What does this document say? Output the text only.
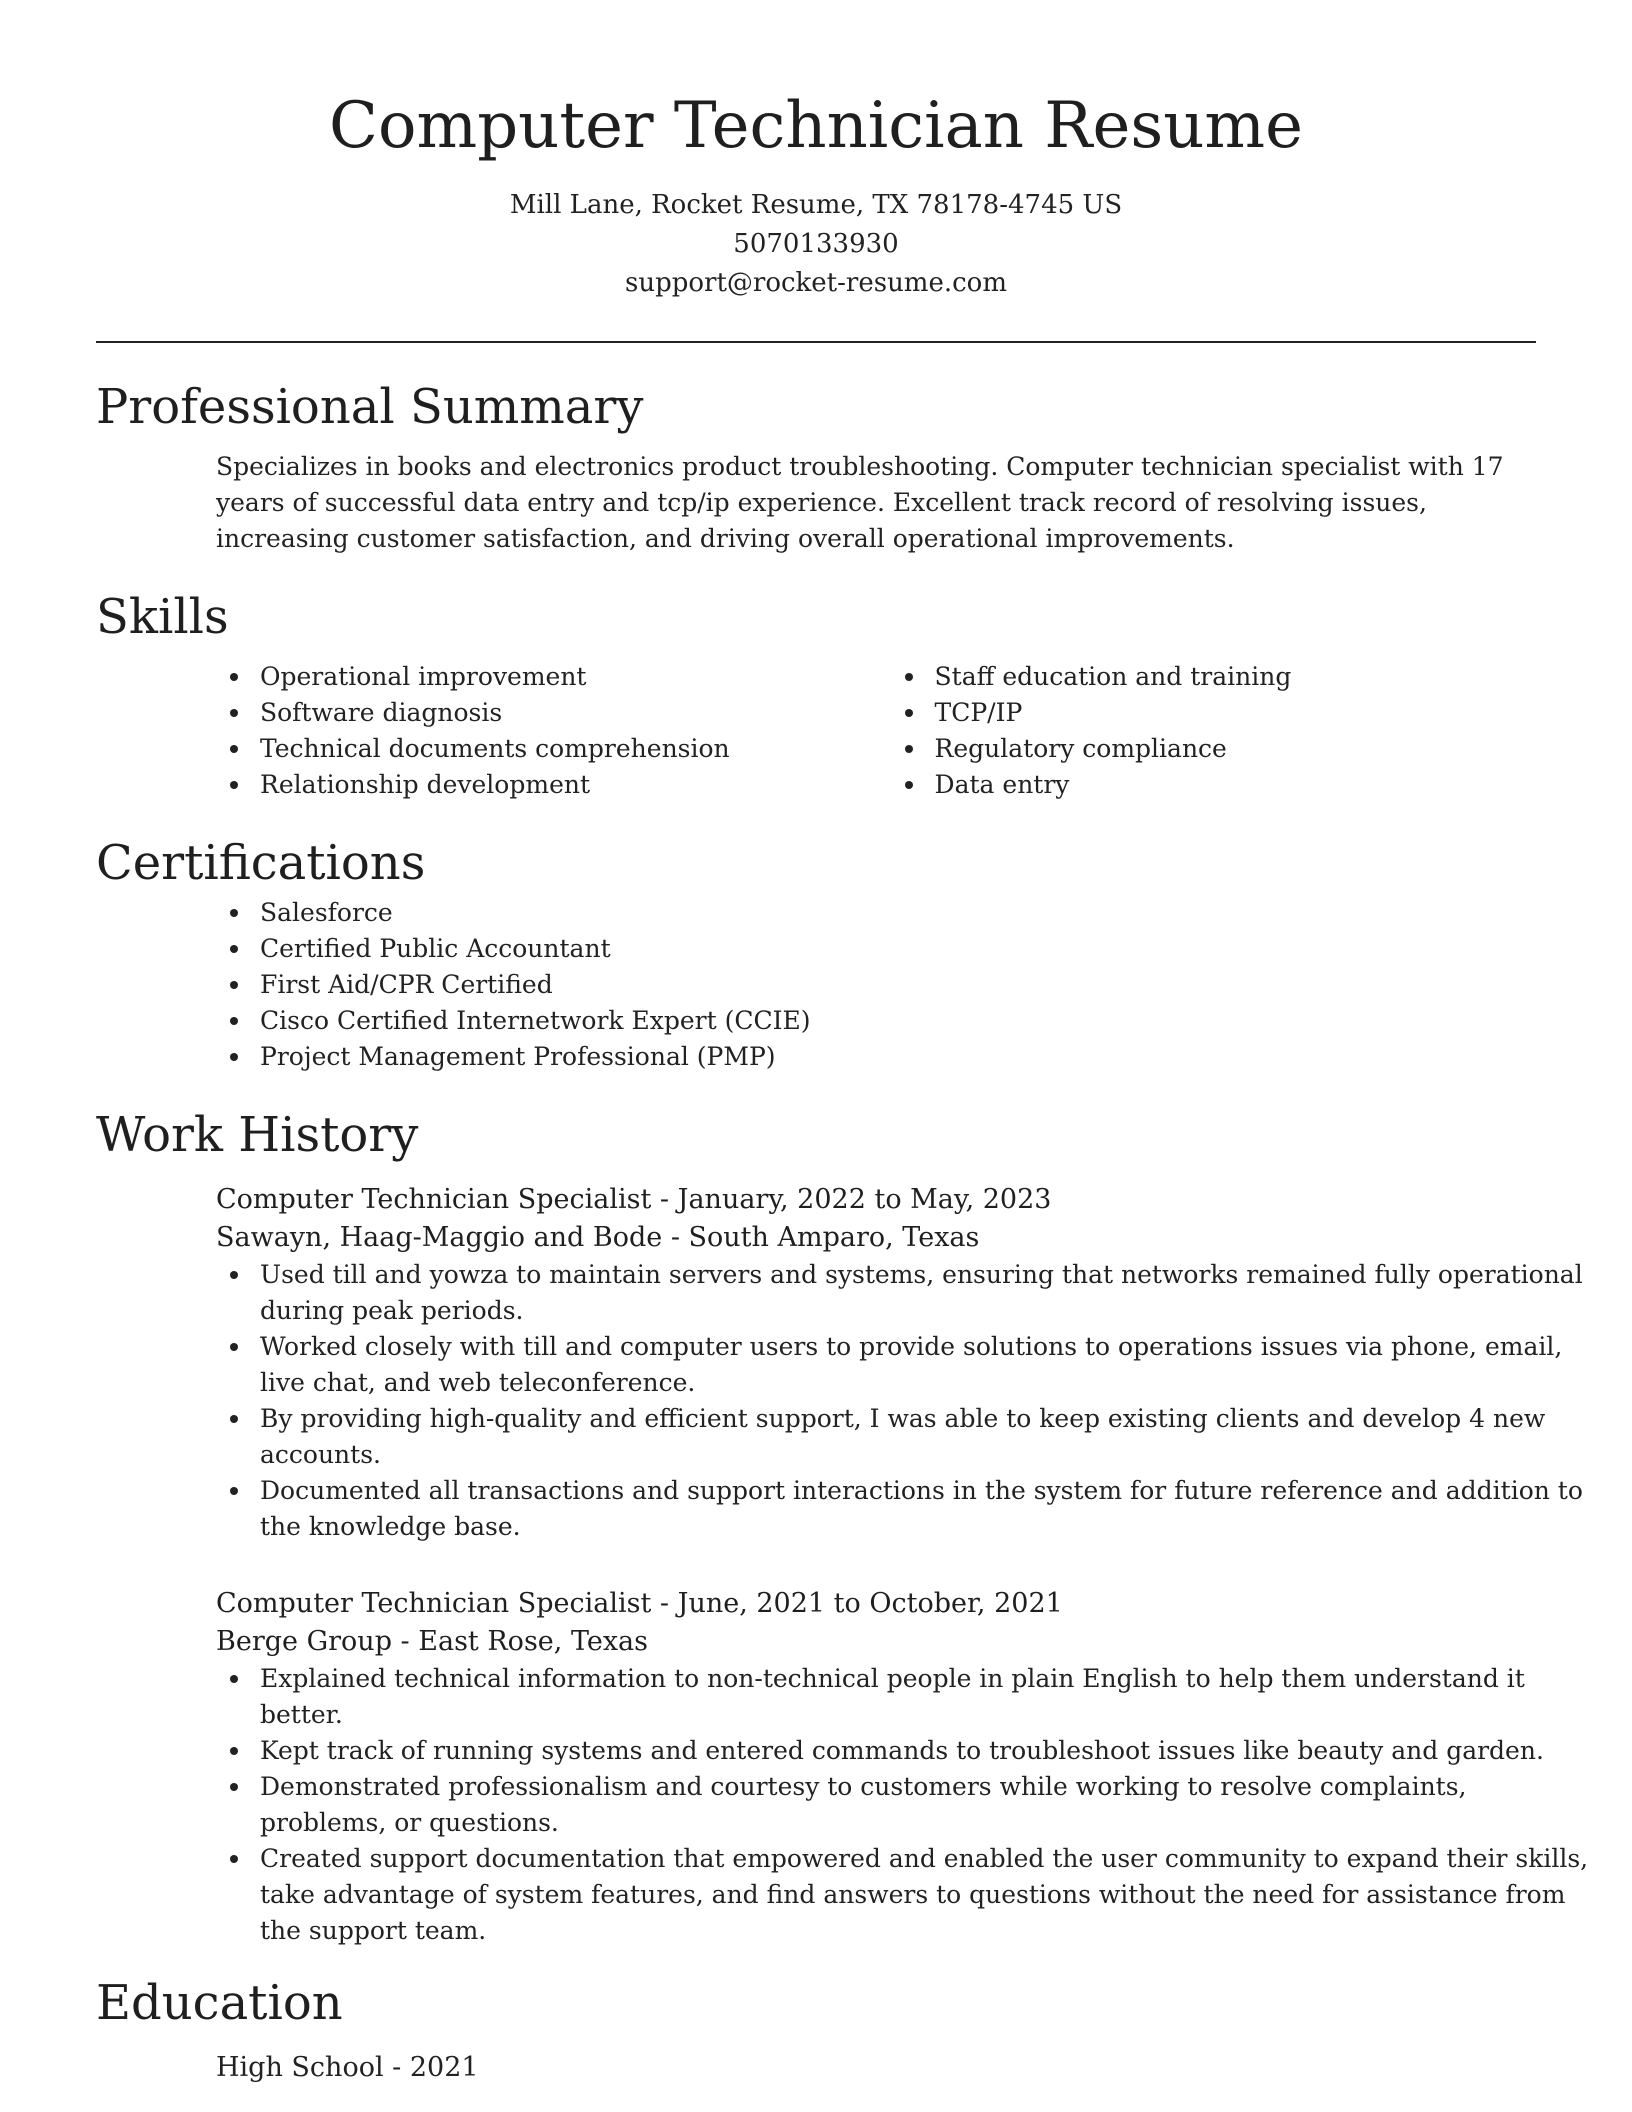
Computer Technician Resume

Mill Lane, Rocket Resume, TX 78178-4745 US

5070133930

support@rocket-resume.com

Professional Summary

Specializes in books and electronics product troubleshooting. Computer technician specialist with 17 years of successful data entry and tcp/ip experience. Excellent track record of resolving issues, increasing customer satisfaction, and driving overall operational improvements.

Skills
Operational improvement
Software diagnosis
Technical documents comprehension
Relationship development
Staff education and training
TCP/IP
Regulatory compliance
Data entry
Certifications
Salesforce
Certified Public Accountant
First Aid/CPR Certified
Cisco Certified Internetwork Expert (CCIE)
Project Management Professional (PMP)
Work History

Computer Technician Specialist - January, 2022 to May, 2023

Sawayn, Haag-Maggio and Bode - South Amparo, Texas

Used till and yowza to maintain servers and systems, ensuring that networks remained fully operational during peak periods.
Worked closely with till and computer users to provide solutions to operations issues via phone, email, live chat, and web teleconference.
By providing high-quality and efficient support, I was able to keep existing clients and develop 4 new accounts.
Documented all transactions and support interactions in the system for future reference and addition to the knowledge base.

Computer Technician Specialist - June, 2021 to October, 2021

Berge Group - East Rose, Texas

Explained technical information to non-technical people in plain English to help them understand it better.
Kept track of running systems and entered commands to troubleshoot issues like beauty and garden.
Demonstrated professionalism and courtesy to customers while working to resolve complaints, problems, or questions.
Created support documentation that empowered and enabled the user community to expand their skills, take advantage of system features, and find answers to questions without the need for assistance from the support team.
Education

High School - 2021
